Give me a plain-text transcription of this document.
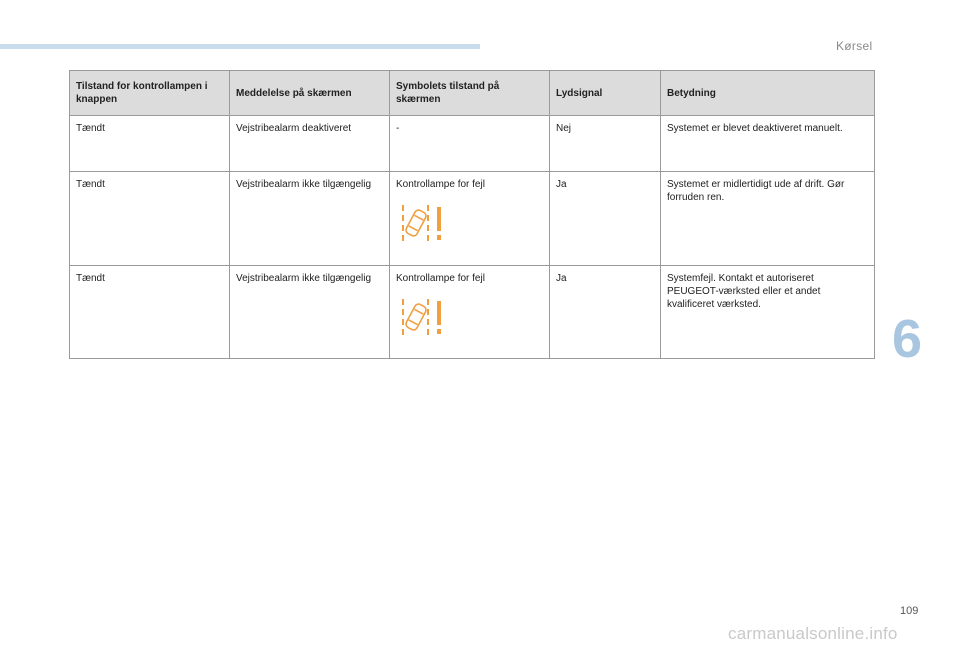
Kørsel
Tilstand for kontrollampen i knappen	Meddelelse på skærmen	Symbolets tilstand på skærmen	Lydsignal	Betydning
Tændt	Vejstribealarm deaktiveret	-	Nej	Systemet er blevet deaktiveret manuelt.
Tændt	Vejstribealarm ikke tilgængelig	Kontrollampe for fejl	Ja	Systemet er midlertidigt ude af drift. Gør forruden ren.
Tændt	Vejstribealarm ikke tilgængelig	Kontrollampe for fejl	Ja	Systemfejl. Kontakt et autoriseret PEUGEOT-værksted eller et andet kvalificeret værksted.
6
109
carmanualsonline.info
